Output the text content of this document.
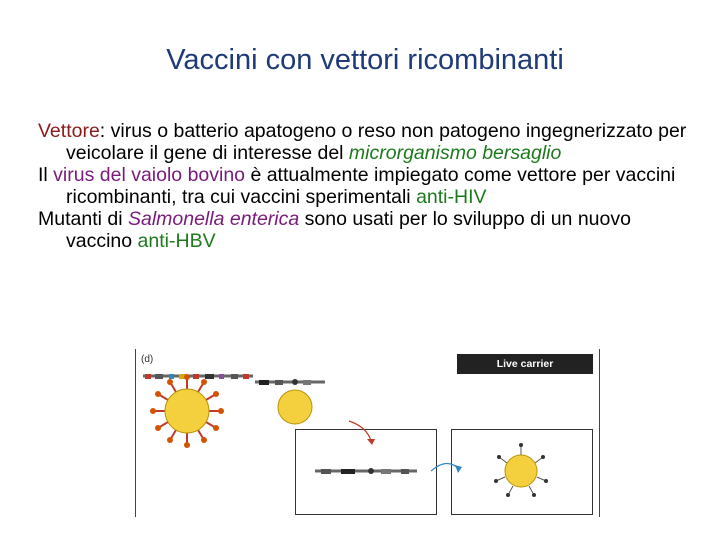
Vaccini con vettori ricombinanti
Vettore: virus o batterio apatogeno o reso non patogeno ingegnerizzato per veicolare il gene di interesse del microrganismo bersaglio
Il virus del vaiolo bovino è attualmente impiegato come vettore per vaccini ricombinanti, tra cui vaccini sperimentali anti-HIV
Mutanti di Salmonella enterica sono usati per lo sviluppo di un nuovo vaccino anti-HBV
(d)	Live carrier
